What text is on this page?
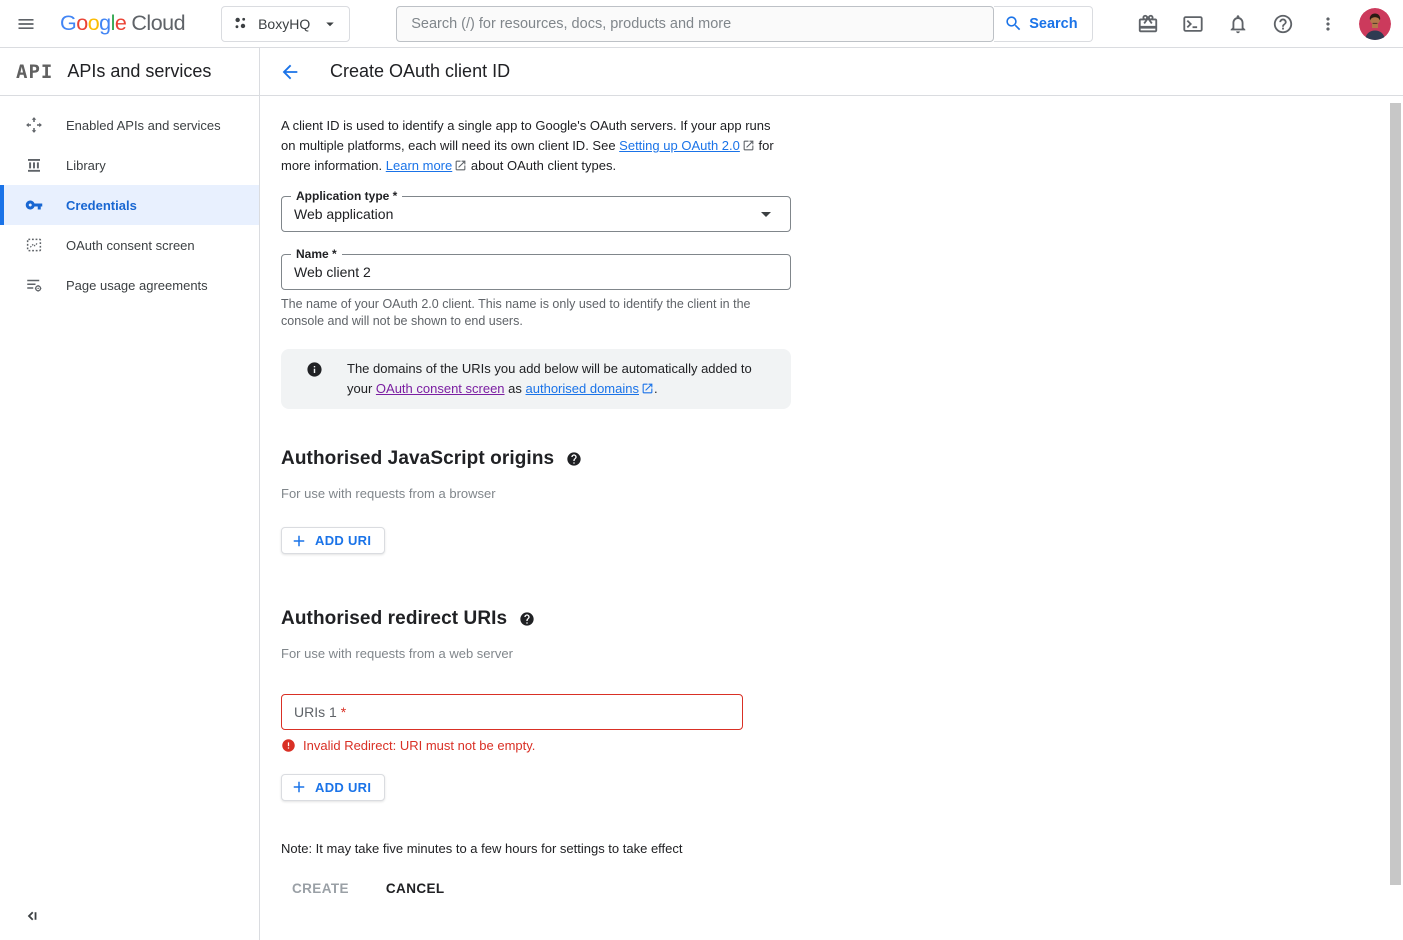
G o o g l e Cloud	BoxyHQ
Search (/) for resources, docs, products and more	Search
API APIs and services	Create OAuth client ID
Enabled APIs and services
Library
Credentials
OAuth consent screen
Page usage agreements

A client ID is used to identify a single app to Google's OAuth servers. If your app runs on multiple platforms, each will need its own client ID. See Setting up OAuth 2.0 for more information. Learn more about OAuth client types.

Application type *
Web application
Name *
Web client 2

The name of your OAuth 2.0 client. This name is only used to identify the client in the console and will not be shown to end users.

The domains of the URIs you add below will be automatically added to your OAuth consent screen as authorised domains .
Authorised JavaScript origins

For use with requests from a browser

ADD URI
Authorised redirect URIs

For use with requests from a web server

URIs 1 *
Invalid Redirect: URI must not be empty.
ADD URI

Note: It may take five minutes to a few hours for settings to take effect

CREATE	CANCEL
